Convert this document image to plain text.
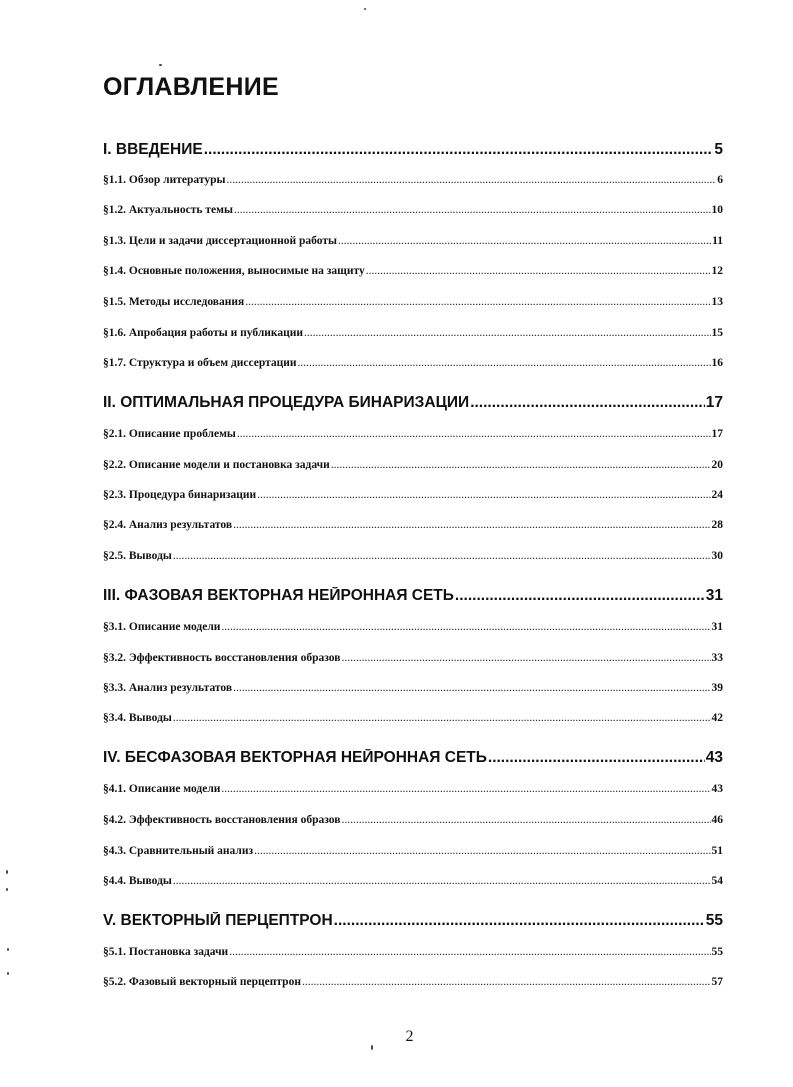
ОГЛАВЛЕНИЕ
I. ВВЕДЕНИЕ .....	5
§1.1. Обзор литературы .....	6
§1.2. Актуальность темы .....	10
§1.3. Цели и задачи диссертационной работы .....	11
§1.4. Основные положения, выносимые на защиту .....	12
§1.5. Методы исследования .....	13
§1.6. Апробация работы и публикации .....	15
§1.7. Структура и объем диссертации .....	16
II. ОПТИМАЛЬНАЯ ПРОЦЕДУРА БИНАРИЗАЦИИ .....	17
§2.1. Описание проблемы .....	17
§2.2. Описание модели и постановка задачи .....	20
§2.3. Процедура бинаризации .....	24
§2.4. Анализ результатов .....	28
§2.5. Выводы .....	30
III. ФАЗОВАЯ ВЕКТОРНАЯ НЕЙРОННАЯ СЕТЬ .....	31
§3.1. Описание модели .....	31
§3.2. Эффективность восстановления образов .....	33
§3.3. Анализ результатов .....	39
§3.4. Выводы .....	42
IV. БЕСФАЗОВАЯ ВЕКТОРНАЯ НЕЙРОННАЯ СЕТЬ .....	43
§4.1. Описание модели .....	43
§4.2. Эффективность восстановления образов .....	46
§4.3. Сравнительный анализ .....	51
§4.4. Выводы .....	54
V. ВЕКТОРНЫЙ ПЕРЦЕПТРОН .....	55
§5.1. Постановка задачи .....	55
§5.2. Фазовый векторный перцептрон .....	57
2
